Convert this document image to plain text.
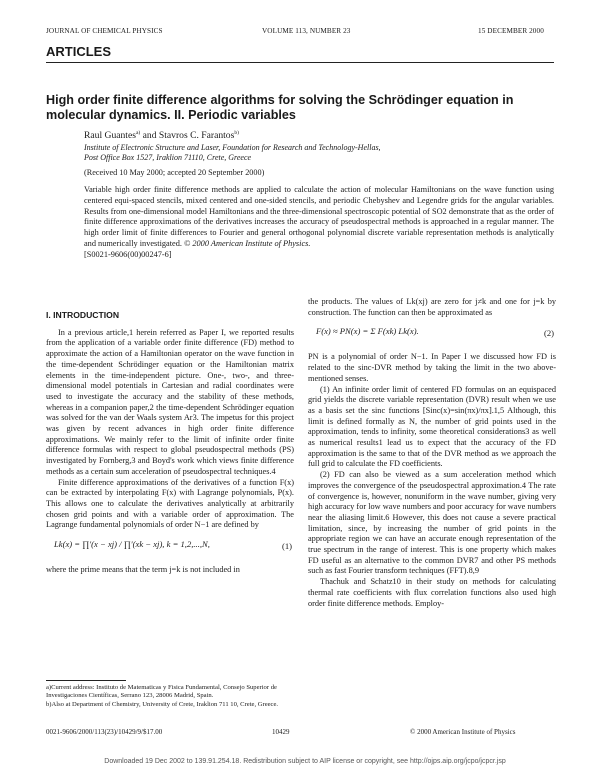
JOURNAL OF CHEMICAL PHYSICS	VOLUME 113, NUMBER 23	15 DECEMBER 2000
ARTICLES
High order finite difference algorithms for solving the Schrödinger equation in molecular dynamics. II. Periodic variables
Raul Guantes$^{a)}$ and Stavros C. Farantos$^{b)}$
Institute of Electronic Structure and Laser, Foundation for Research and Technology-Hellas,
Post Office Box 1527, Iraklion 71110, Crete, Greece
(Received 10 May 2000; accepted 20 September 2000)

Variable high order finite difference methods are applied to calculate the action of molecular Hamiltonians on the wave function using centered equi-spaced stencils, mixed centered and one-sided stencils, and periodic Chebyshev and Legendre grids for the angular variables. Results from one-dimensional model Hamiltonians and the three-dimensional spectroscopic potential of SO2 demonstrate that as the order of finite difference approximations of the derivatives increases the accuracy of pseudospectral methods is approached in a regular manner. The high order limit of finite differences to Fourier and general orthogonal polynomial discrete variable representation methods is analytically and numerically investigated. © 2000 American Institute of Physics.

[S0021-9606(00)00247-6]

I. INTRODUCTION

In a previous article,1 herein referred as Paper I, we reported results from the application of a variable order finite difference (FD) method to approximate the action of a Hamiltonian operator on the wave function in the time-dependent Schrödinger equation or the Hamiltonian matrix elements in the time-independent picture. One-, two-, and three-dimensional model potentials in Cartesian and radial coordinates were used to investigate the accuracy and the stability of these methods, whereas in a companion paper,2 the time-dependent Schrödinger equation was solved for the van der Waals system Ar3. The impetus for this project was given by recent advances in high order finite difference approximations. We mainly refer to the limit of infinite order finite difference formulas with respect to global pseudospectral methods (PS) investigated by Fornberg,3 and Boyd's work which views finite difference methods as a certain sum acceleration of pseudospectral techniques.4

Finite difference approximations of the derivatives of a function F(x) can be extracted by interpolating F(x) with Lagrange polynomials, P(x). This allows one to calculate the derivatives analytically at arbitrarily chosen grid points and with a variable order of approximation. The Lagrange fundamental polynomials of order N−1 are defined by

Lk(x) = ∏′(x − xj) / ∏′(xk − xj), k = 1,2,...,N,	(1)

where the prime means that the term j=k is not included in

the products. The values of Lk(xj) are zero for j≠k and one for j=k by construction. The function can then be approximated as

F(x) ≈ PN(x) = Σ F(xk) Lk(x).	(2)

PN is a polynomial of order N−1. In Paper I we discussed how FD is related to the sinc-DVR method by taking the limit in the two above-mentioned senses.

(1) An infinite order limit of centered FD formulas on an equispaced grid yields the discrete variable representation (DVR) result when we use as a basis set the sinc functions [Sinc(x)=sin(πx)/πx].1,5 Although, this limit is defined formally as N, the number of grid points used in the approximation, tends to infinity, some theoretical considerations3 as well as numerical results1 lead us to expect that the accuracy of the FD approximation is the same to that of the DVR method as we approach the full grid to calculate the FD coefficients.

(2) FD can also be viewed as a sum acceleration method which improves the convergence of the pseudospectral approximation.4 The rate of convergence is, however, nonuniform in the wave number, giving very high accuracy for low wave numbers and poor accuracy for wave numbers near the aliasing limit.6 However, this does not cause a severe practical limitation, since, by increasing the number of grid points in the appropriate region we can have an accurate enough representation of the true spectrum in the range of interest. This is one property which makes FD useful as an alternative to the common DVR7 and other PS methods such as fast Fourier transform techniques (FFT).8,9

Thachuk and Schatz10 in their study on methods for calculating thermal rate coefficients with flux correlation functions also used high order finite difference methods. Employ-

a)Current address: Instituto de Matematicas y Fisica Fundamental, Consejo Superior de Investigaciones Científicas, Serrano 123, 28006 Madrid, Spain.
b)Also at Department of Chemistry, University of Crete, Iraklion 711 10, Crete, Greece.
0021-9606/2000/113(23)/10429/9/$17.00	10429	© 2000 American Institute of Physics
Downloaded 19 Dec 2002 to 139.91.254.18. Redistribution subject to AIP license or copyright, see http://ojps.aip.org/jcpo/jcpcr.jsp
